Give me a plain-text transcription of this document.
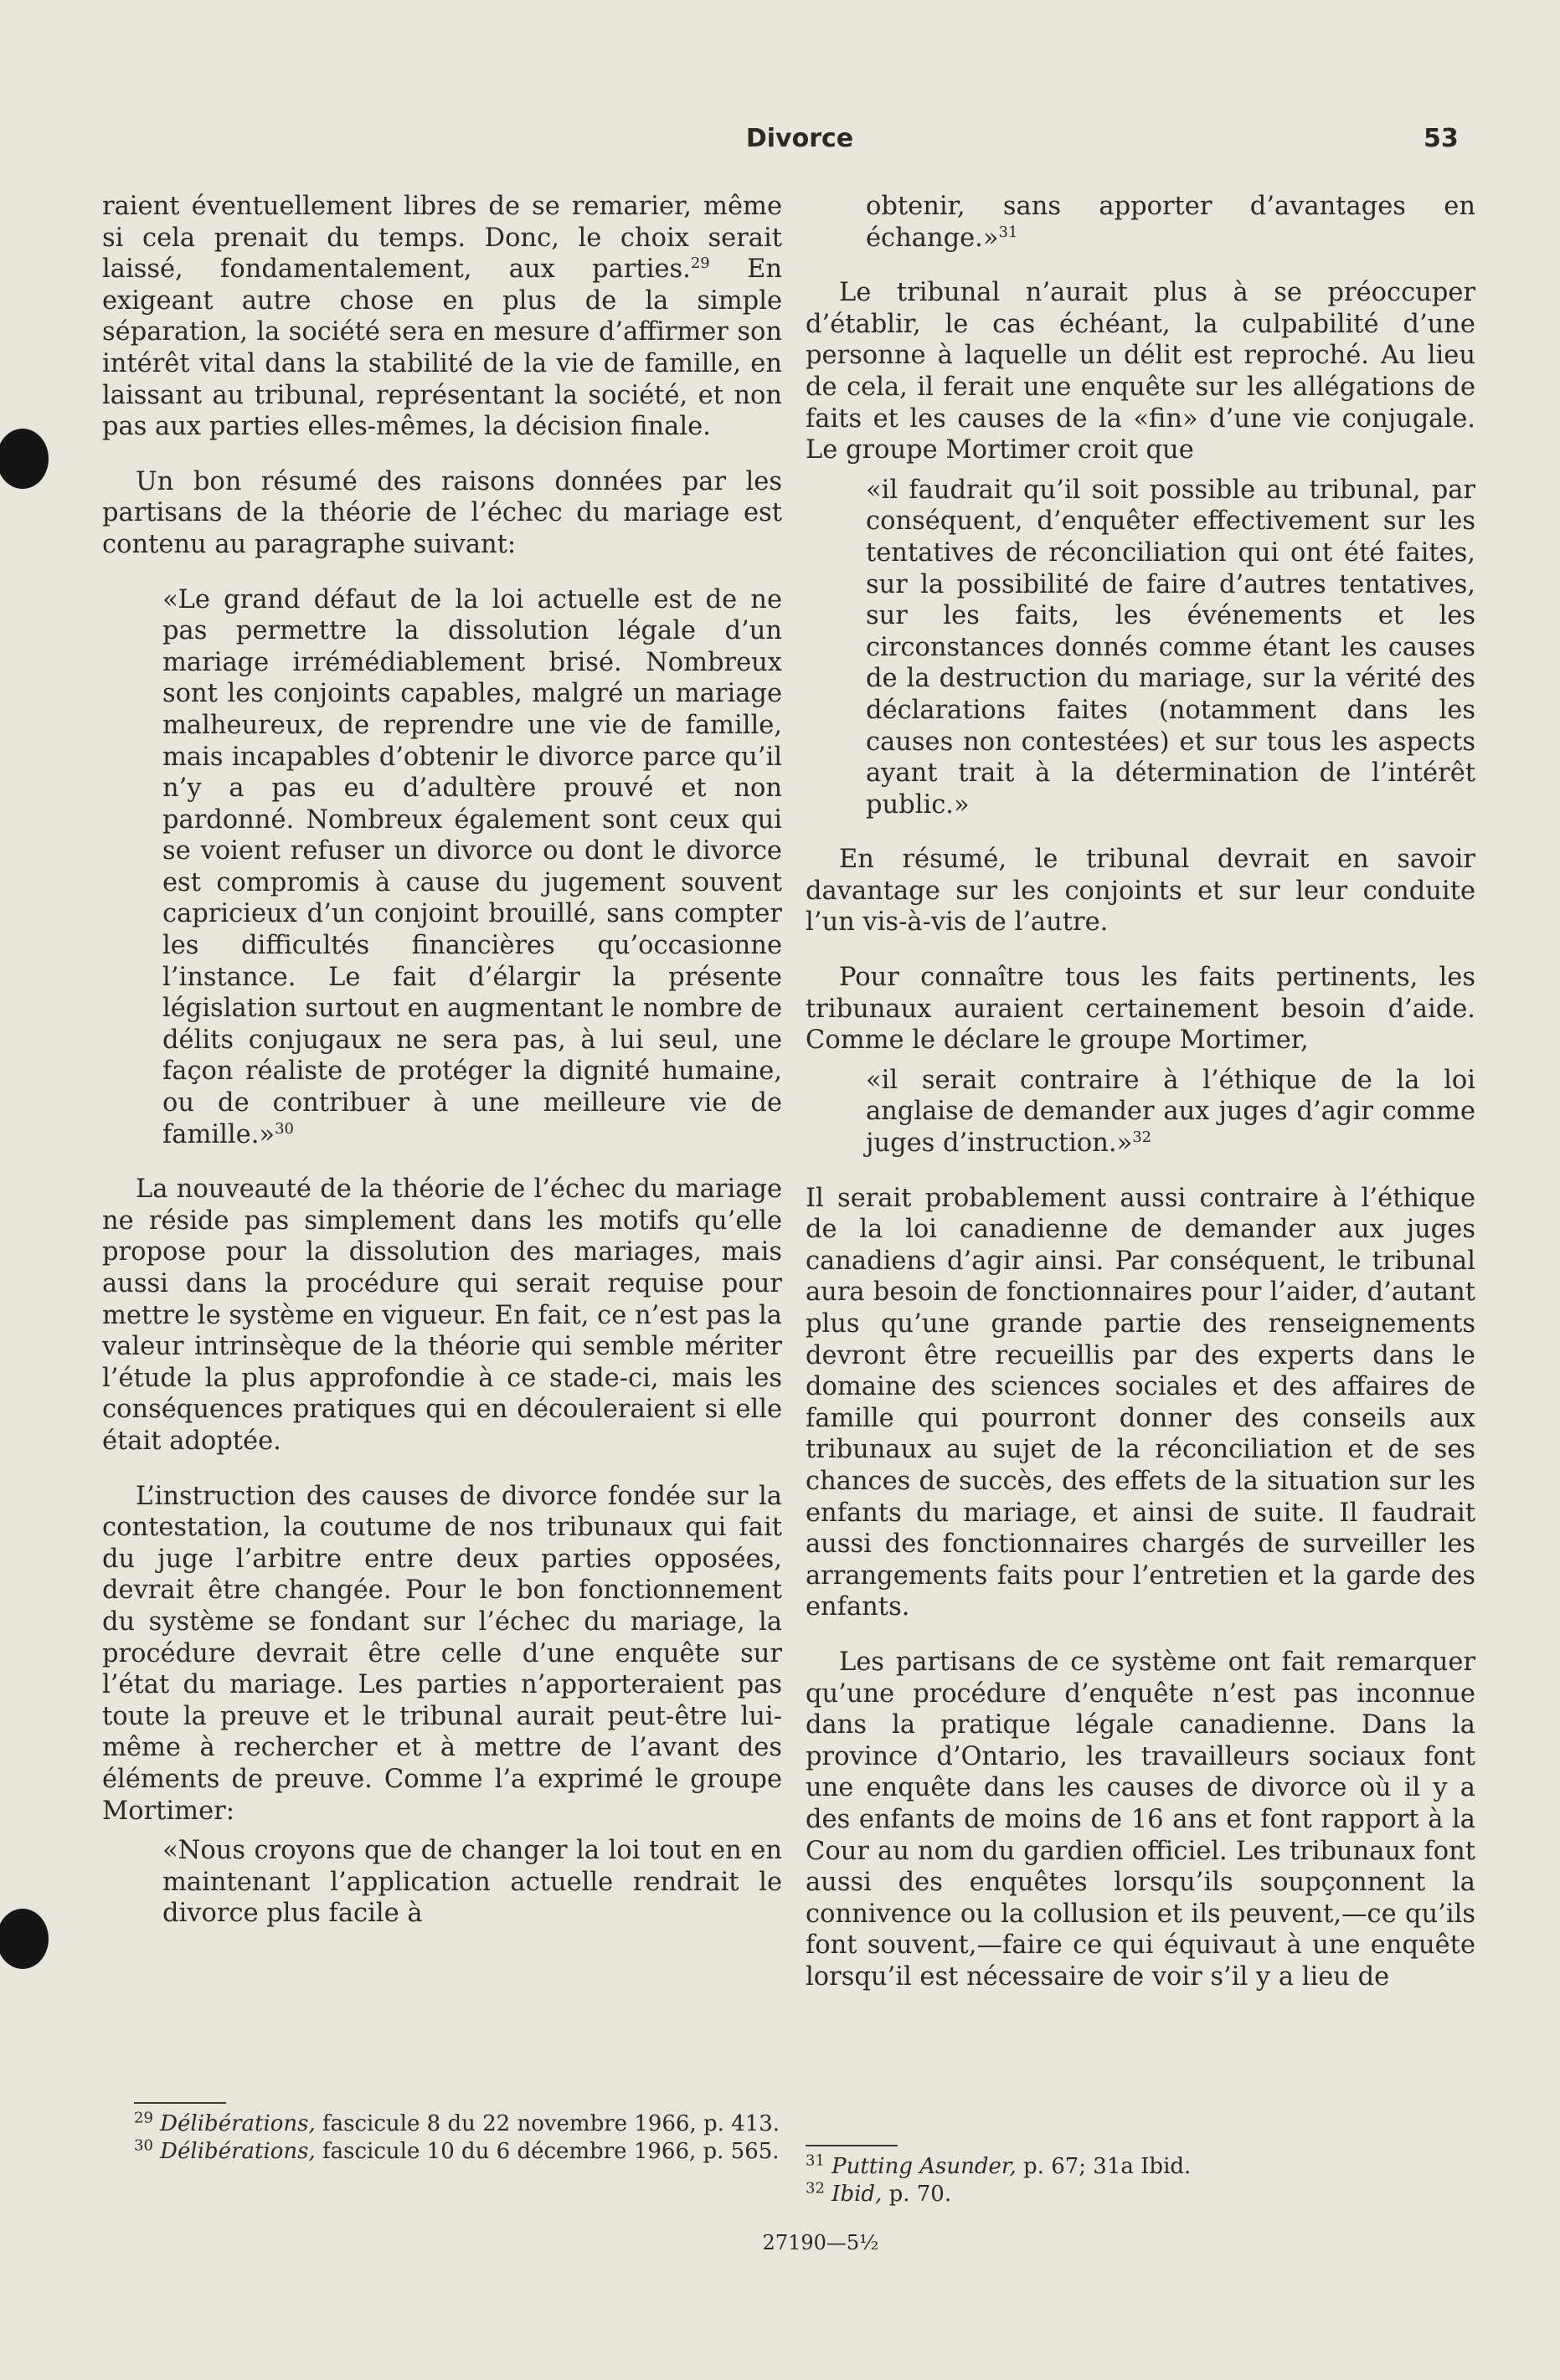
Divorce	53

raient éventuellement libres de se remarier, même si cela prenait du temps. Donc, le choix serait laissé, fondamentalement, aux parties.$^{29}$ En exigeant autre chose en plus de la simple séparation, la société sera en mesure d’affirmer son intérêt vital dans la stabilité de la vie de famille, en laissant au tribunal, représentant la société, et non pas aux parties elles-mêmes, la décision finale.

Un bon résumé des raisons données par les partisans de la théorie de l’échec du mariage est contenu au paragraphe suivant:

«Le grand défaut de la loi actuelle est de ne pas permettre la dissolution légale d’un mariage irrémédiablement brisé. Nombreux sont les conjoints capables, malgré un mariage malheureux, de reprendre une vie de famille, mais incapables d’obtenir le divorce parce qu’il n’y a pas eu d’adultère prouvé et non pardonné. Nombreux également sont ceux qui se voient refuser un divorce ou dont le divorce est compromis à cause du jugement souvent capricieux d’un conjoint brouillé, sans compter les difficultés financières qu’occasionne l’instance. Le fait d’élargir la présente législation surtout en augmentant le nombre de délits conjugaux ne sera pas, à lui seul, une façon réaliste de protéger la dignité humaine, ou de contribuer à une meilleure vie de famille.»$^{30}$

La nouveauté de la théorie de l’échec du mariage ne réside pas simplement dans les motifs qu’elle propose pour la dissolution des mariages, mais aussi dans la procédure qui serait requise pour mettre le système en vigueur. En fait, ce n’est pas la valeur intrinsèque de la théorie qui semble mériter l’étude la plus approfondie à ce stade-ci, mais les conséquences pratiques qui en découleraient si elle était adoptée.

L’instruction des causes de divorce fondée sur la contestation, la coutume de nos tribunaux qui fait du juge l’arbitre entre deux parties opposées, devrait être changée. Pour le bon fonctionnement du système se fondant sur l’échec du mariage, la procédure devrait être celle d’une enquête sur l’état du mariage. Les parties n’apporteraient pas toute la preuve et le tribunal aurait peut-être lui-même à rechercher et à mettre de l’avant des éléments de preuve. Comme l’a exprimé le groupe Mortimer:

«Nous croyons que de changer la loi tout en en maintenant l’application actuelle rendrait le divorce plus facile à

obtenir, sans apporter d’avantages en échange.»$^{31}$

Le tribunal n’aurait plus à se préoccuper d’établir, le cas échéant, la culpabilité d’une personne à laquelle un délit est reproché. Au lieu de cela, il ferait une enquête sur les allégations de faits et les causes de la «fin» d’une vie conjugale. Le groupe Mortimer croit que

«il faudrait qu’il soit possible au tribunal, par conséquent, d’enquêter effectivement sur les tentatives de réconciliation qui ont été faites, sur la possibilité de faire d’autres tentatives, sur les faits, les événements et les circonstances donnés comme étant les causes de la destruction du mariage, sur la vérité des déclarations faites (notamment dans les causes non contestées) et sur tous les aspects ayant trait à la détermination de l’intérêt public.»

En résumé, le tribunal devrait en savoir davantage sur les conjoints et sur leur conduite l’un vis-à-vis de l’autre.

Pour connaître tous les faits pertinents, les tribunaux auraient certainement besoin d’aide. Comme le déclare le groupe Mortimer,

«il serait contraire à l’éthique de la loi anglaise de demander aux juges d’agir comme juges d’instruction.»$^{32}$

Il serait probablement aussi contraire à l’éthique de la loi canadienne de demander aux juges canadiens d’agir ainsi. Par conséquent, le tribunal aura besoin de fonctionnaires pour l’aider, d’autant plus qu’une grande partie des renseignements devront être recueillis par des experts dans le domaine des sciences sociales et des affaires de famille qui pourront donner des conseils aux tribunaux au sujet de la réconciliation et de ses chances de succès, des effets de la situation sur les enfants du mariage, et ainsi de suite. Il faudrait aussi des fonctionnaires chargés de surveiller les arrangements faits pour l’entretien et la garde des enfants.

Les partisans de ce système ont fait remarquer qu’une procédure d’enquête n’est pas inconnue dans la pratique légale canadienne. Dans la province d’Ontario, les travailleurs sociaux font une enquête dans les causes de divorce où il y a des enfants de moins de 16 ans et font rapport à la Cour au nom du gardien officiel. Les tribunaux font aussi des enquêtes lorsqu’ils soupçonnent la connivence ou la collusion et ils peuvent,—ce qu’ils font souvent,—faire ce qui équivaut à une enquête lorsqu’il est nécessaire de voir s’il y a lieu de

$^{29}$ Délibérations, fascicule 8 du 22 novembre 1966, p. 413.

$^{30}$ Délibérations, fascicule 10 du 6 décembre 1966, p. 565.	$^{31}$ Putting Asunder, p. 67; 31a Ibid.

$^{32}$ Ibid, p. 70.

27190—5½
